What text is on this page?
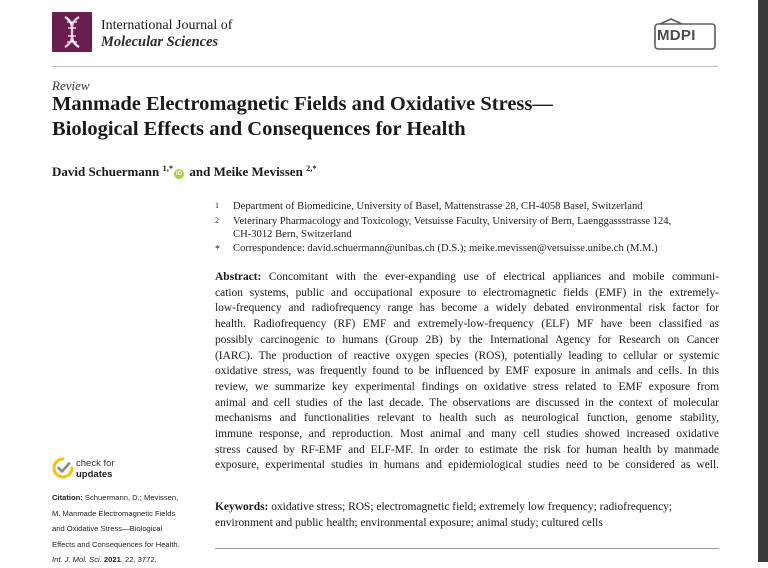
International Journal of
Molecular Sciences	MDPI
Review
Manmade Electromagnetic Fields and Oxidative Stress—
Biological Effects and Consequences for Health
David Schuermann $^{1,*}$iD and Meike Mevissen $^{2,*}$
1 Department of Biomedicine, University of Basel, Mattenstrasse 28, CH-4058 Basel, Switzerland
2 Veterinary Pharmacology and Toxicology, Vetsuisse Faculty, University of Bern, Laenggassstrasse 124,
CH-3012 Bern, Switzerland
* Correspondence: david.schuermann@unibas.ch (D.S.); meike.mevissen@vetsuisse.unibe.ch (M.M.)
Abstract: Concomitant with the ever-expanding use of electrical appliances and mobile communi-
cation systems, public and occupational exposure to electromagnetic fields (EMF) in the extremely-
low-frequency and radiofrequency range has become a widely debated environmental risk factor for
health. Radiofrequency (RF) EMF and extremely-low-frequency (ELF) MF have been classified as
possibly carcinogenic to humans (Group 2B) by the International Agency for Research on Cancer
(IARC). The production of reactive oxygen species (ROS), potentially leading to cellular or systemic
oxidative stress, was frequently found to be influenced by EMF exposure in animals and cells. In this
review, we summarize key experimental findings on oxidative stress related to EMF exposure from
animal and cell studies of the last decade. The observations are discussed in the context of molecular
mechanisms and functionalities relevant to health such as neurological function, genome stability,
immune response, and reproduction. Most animal and many cell studies showed increased oxidative
stress caused by RF-EMF and ELF-MF. In order to estimate the risk for human health by manmade
exposure, experimental studies in humans and epidemiological studies need to be considered as well.
Keywords: oxidative stress; ROS; electromagnetic field; extremely low frequency; radiofrequency;
environment and public health; environmental exposure; animal study; cultured cells
check for
updates
Citation: Schuermann, D.; Mevissen,
M. Manmade Electromagnetic Fields
and Oxidative Stress—Biological
Effects and Consequences for Health.
Int. J. Mol. Sci. 2021, 22, 3772.
